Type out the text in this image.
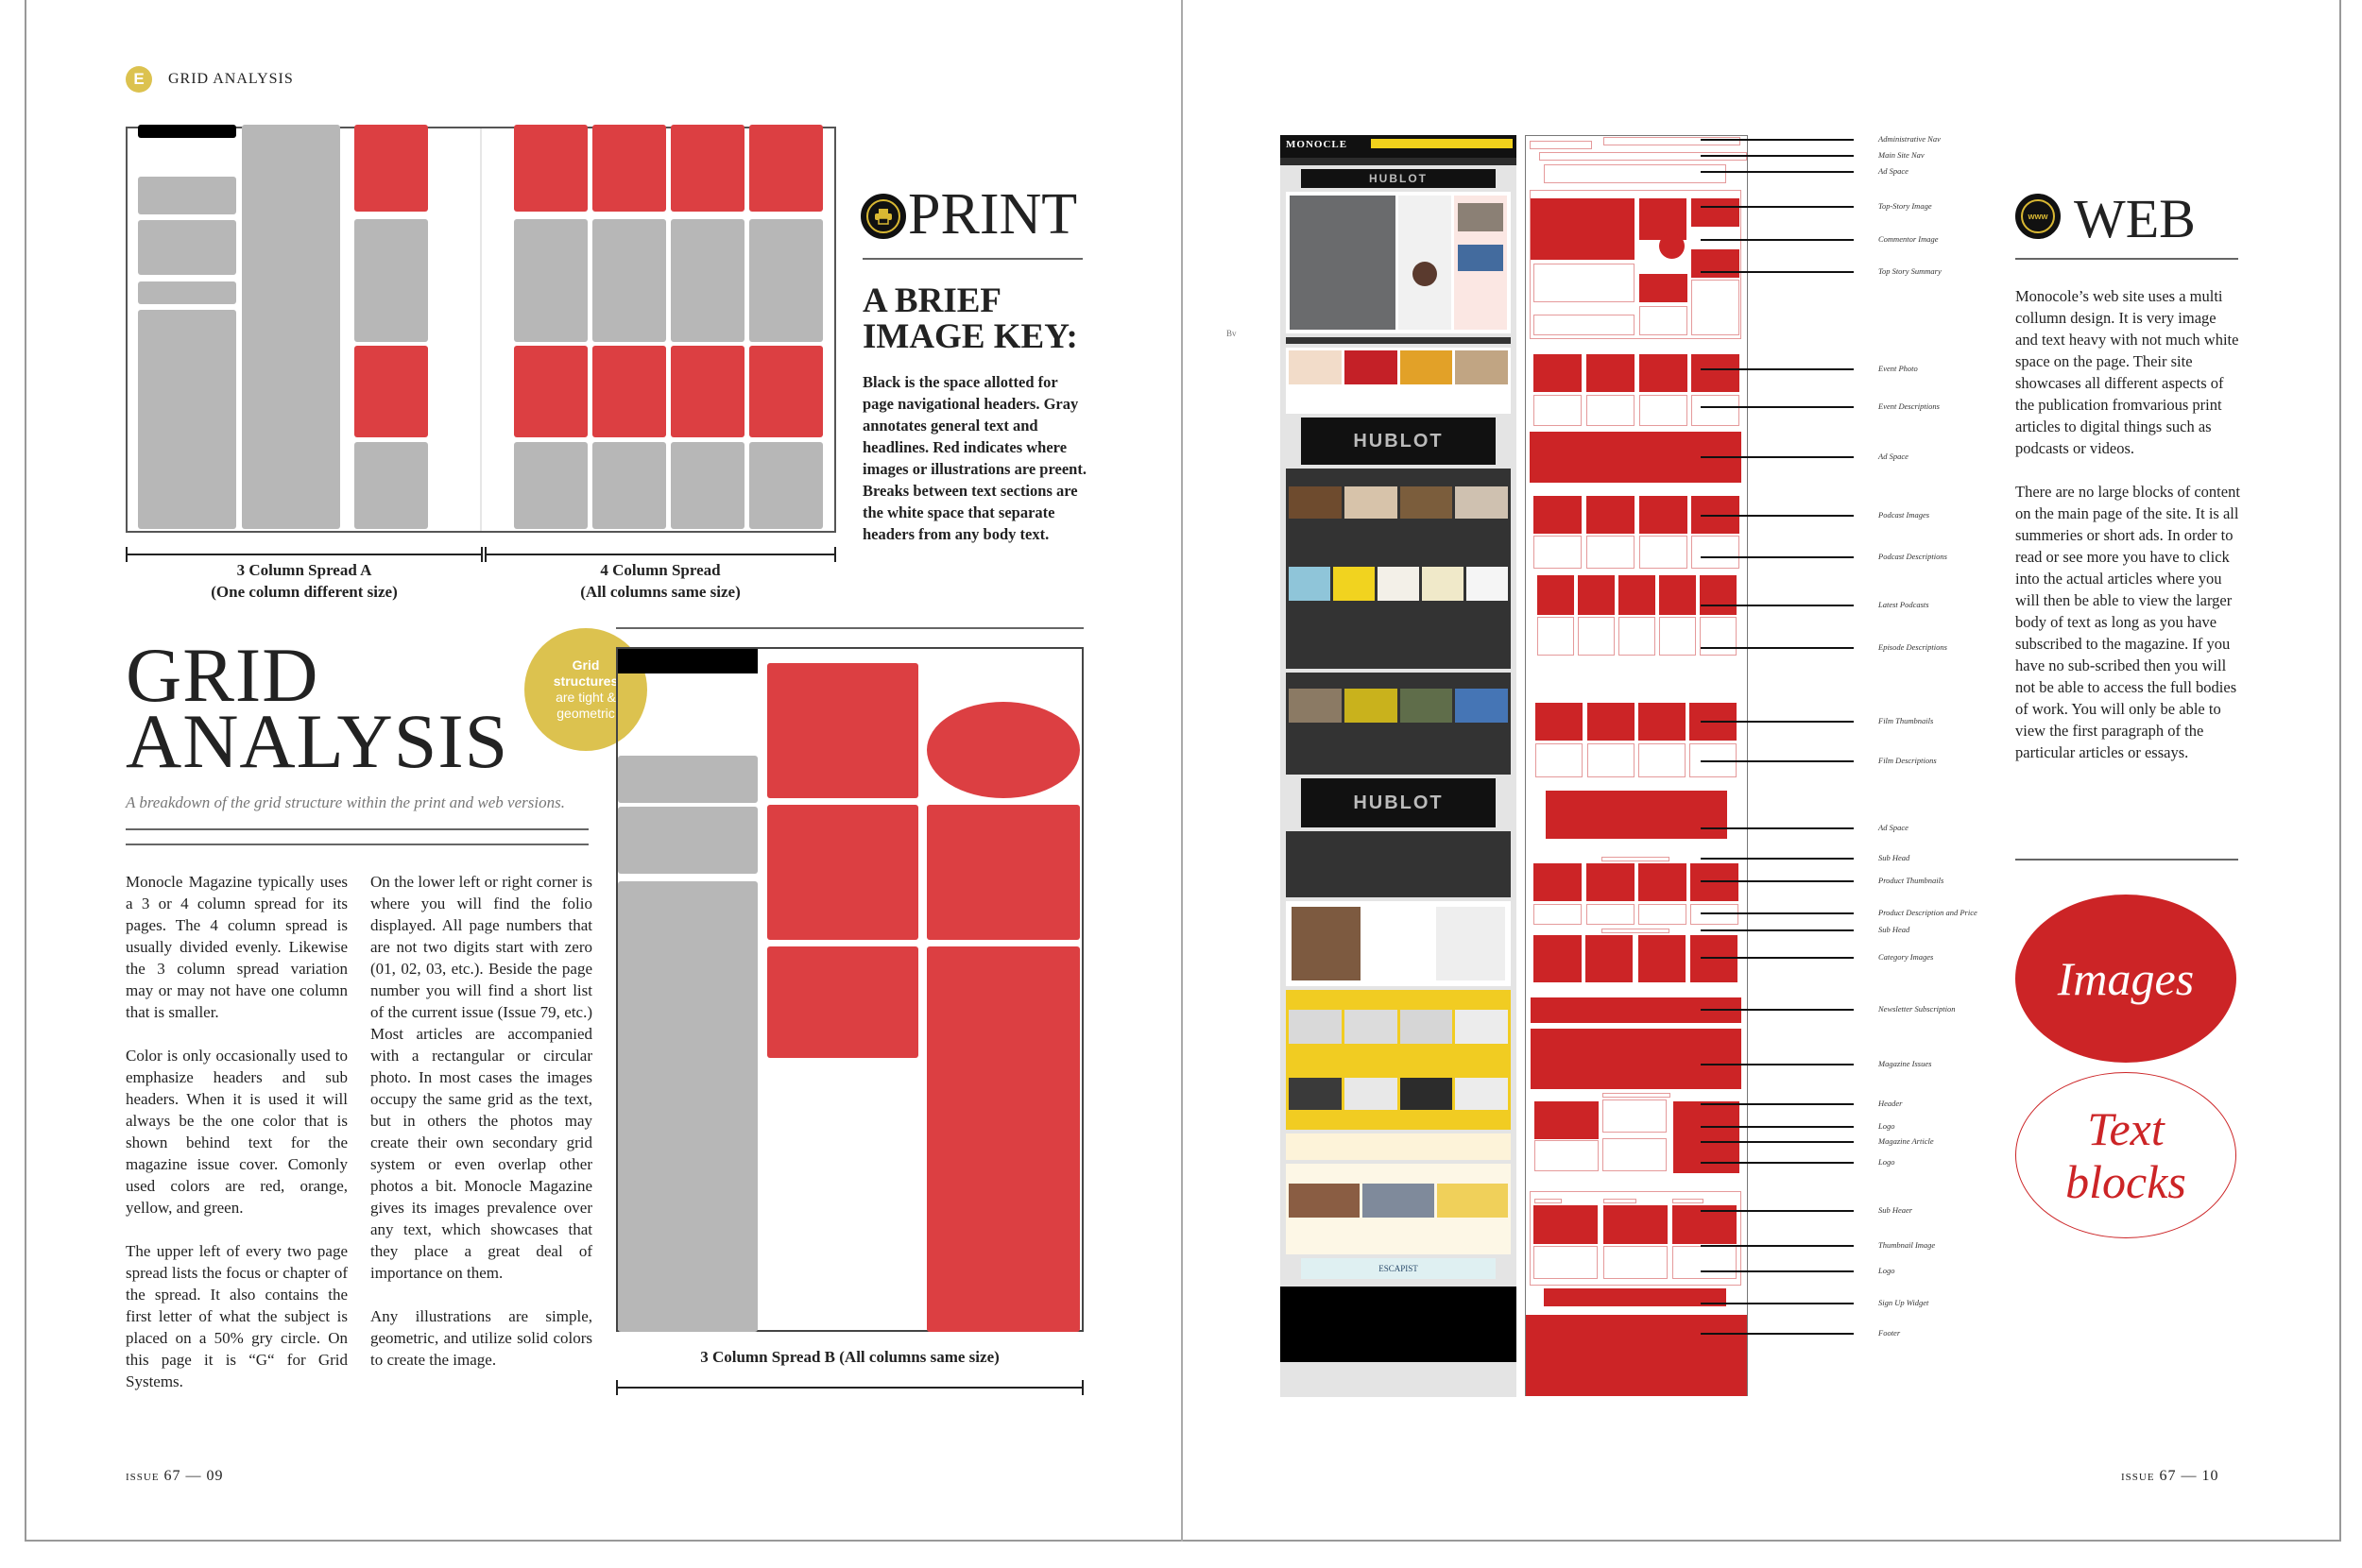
E	GRID ANALYSIS
3 Column Spread A
(One column different size)
4 Column Spread
(All columns same size)
PRINT
A BRIEF
IMAGE KEY:
Black is the space allotted for page navigational headers. Gray annotates general text and headlines. Red indicates where images or illustrations are preent. Breaks between text sections are the white space that separate headers from any body text.
GRID
ANALYSIS
A breakdown of the grid structure within the print and web versions.
Grid
structures
are tight &
geometric

Monocle Magazine typically uses a 3 or 4 column spread for its pages. The 4 column spread is usually divided evenly. Likewise the 3 column spread variation may or may not have one column that is smaller.

Color is only occasionally used to emphasize headers and sub headers. When it is used it will always be the one color that is shown behind text for the magazine issue cover. Comonly used colors are red, orange, yellow, and green.

The upper left of every two page spread lists the focus or chapter of the spread. It also contains the first letter of what the subject is placed on a 50% gry circle. On this page it is “G“ for Grid Systems.

On the lower left or right corner is where you will find the folio displayed. All page numbers that are not two digits start with zero (01, 02, 03, etc.). Beside the page number you will find a short list of the current issue (Issue 79, etc.) Most articles are accompanied with a rectangular or circular photo. In most cases the images occupy the same grid as the text, but in others the photos may create their own secondary grid system or even overlap other photos a bit. Monocle Magazine gives its images prevalence over any text, which showcases that they place a great deal of importance on them.

Any illustrations are simple, geometric, and utilize solid colors to create the image.	3 Column Spread B (All columns same size)
issue 67 — 09
Bv
MONOCLE
HUBLOT
HUBLOT
HUBLOT
ESCAPIST
Administrative Nav
Main Site Nav
Ad Space
Top-Story Image
Commentor Image
Top Story Summary
Event Photo
Event Descriptions
Ad Space
Podcast Images
Podcast Descriptions
Latest Podcasts
Episode Descriptions
Film Thumbnails
Film Descriptions
Ad Space
Sub Head
Product Thumbnails
Product Description and Price
Sub Head
Category Images
Newsletter Subscription
Magazine Issues
Header
Logo
Magazine Article
Logo
Sub Heaer
Thumbnail Image
Logo
Sign Up Widget
Footer
www WEB

Monocole’s web site uses a multi collumn design. It is very image and text heavy with not much white space on the page. Their site showcases all different aspects of the publication fromvarious print articles to digital things such as podcasts or videos.

There are no large blocks of content on the main page of the site. It is all summeries or short ads. In order to read or see more you have to click into the actual articles where you will then be able to view the larger body of text as long as you have subscribed to the magazine. If you have no sub-scribed then you will not be able to access the full bodies of work. You will only be able to view the first paragraph of the particular articles or essays.

Images
Text
blocks
issue 67 — 10
